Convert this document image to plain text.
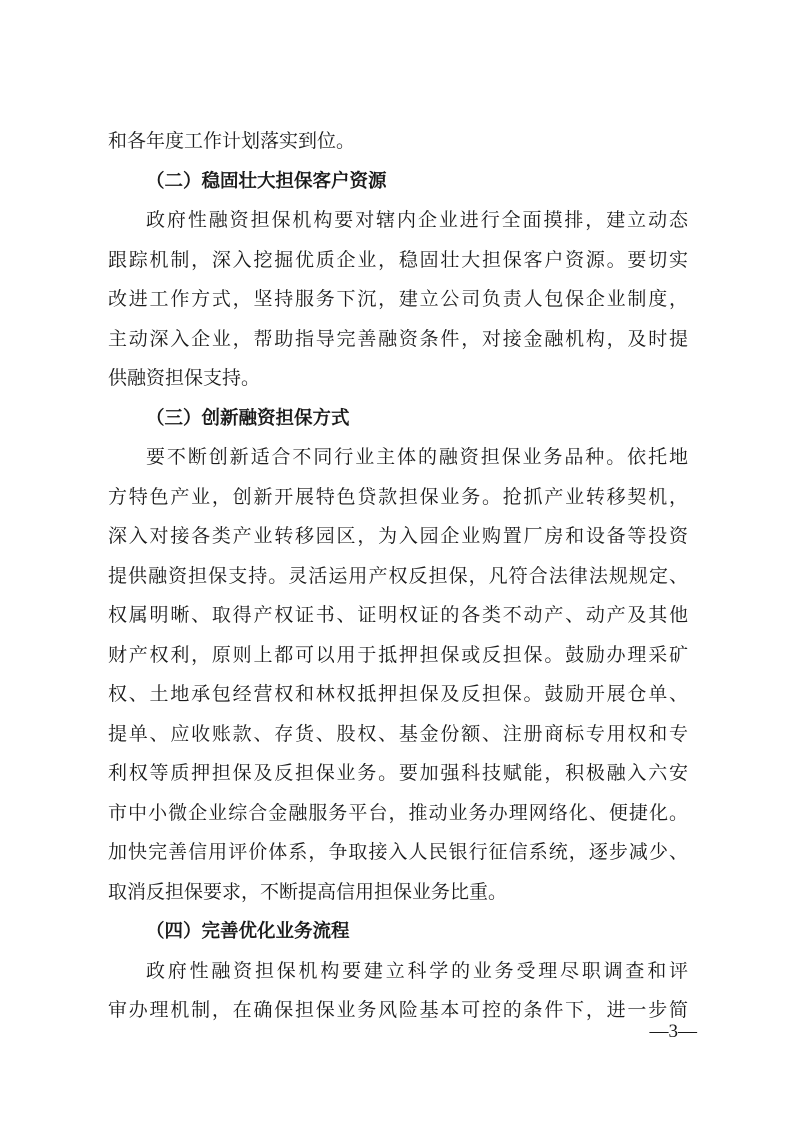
和各年度工作计划落实到位。
（二）稳固壮大担保客户资源
政府性融资担保机构要对辖内企业进行全面摸排，建立动态
跟踪机制，深入挖掘优质企业，稳固壮大担保客户资源。要切实
改进工作方式，坚持服务下沉，建立公司负责人包保企业制度，
主动深入企业，帮助指导完善融资条件，对接金融机构，及时提
供融资担保支持。
（三）创新融资担保方式
要不断创新适合不同行业主体的融资担保业务品种。依托地
方特色产业，创新开展特色贷款担保业务。抢抓产业转移契机，
深入对接各类产业转移园区，为入园企业购置厂房和设备等投资
提供融资担保支持。灵活运用产权反担保，凡符合法律法规规定、
权属明晰、取得产权证书、证明权证的各类不动产、动产及其他
财产权利，原则上都可以用于抵押担保或反担保。鼓励办理采矿
权、土地承包经营权和林权抵押担保及反担保。鼓励开展仓单、
提单、应收账款、存货、股权、基金份额、注册商标专用权和专
利权等质押担保及反担保业务。要加强科技赋能，积极融入六安
市中小微企业综合金融服务平台，推动业务办理网络化、便捷化。
加快完善信用评价体系，争取接入人民银行征信系统，逐步减少、
取消反担保要求，不断提高信用担保业务比重。
（四）完善优化业务流程
政府性融资担保机构要建立科学的业务受理尽职调查和评
审办理机制，在确保担保业务风险基本可控的条件下，进一步简
—3—
